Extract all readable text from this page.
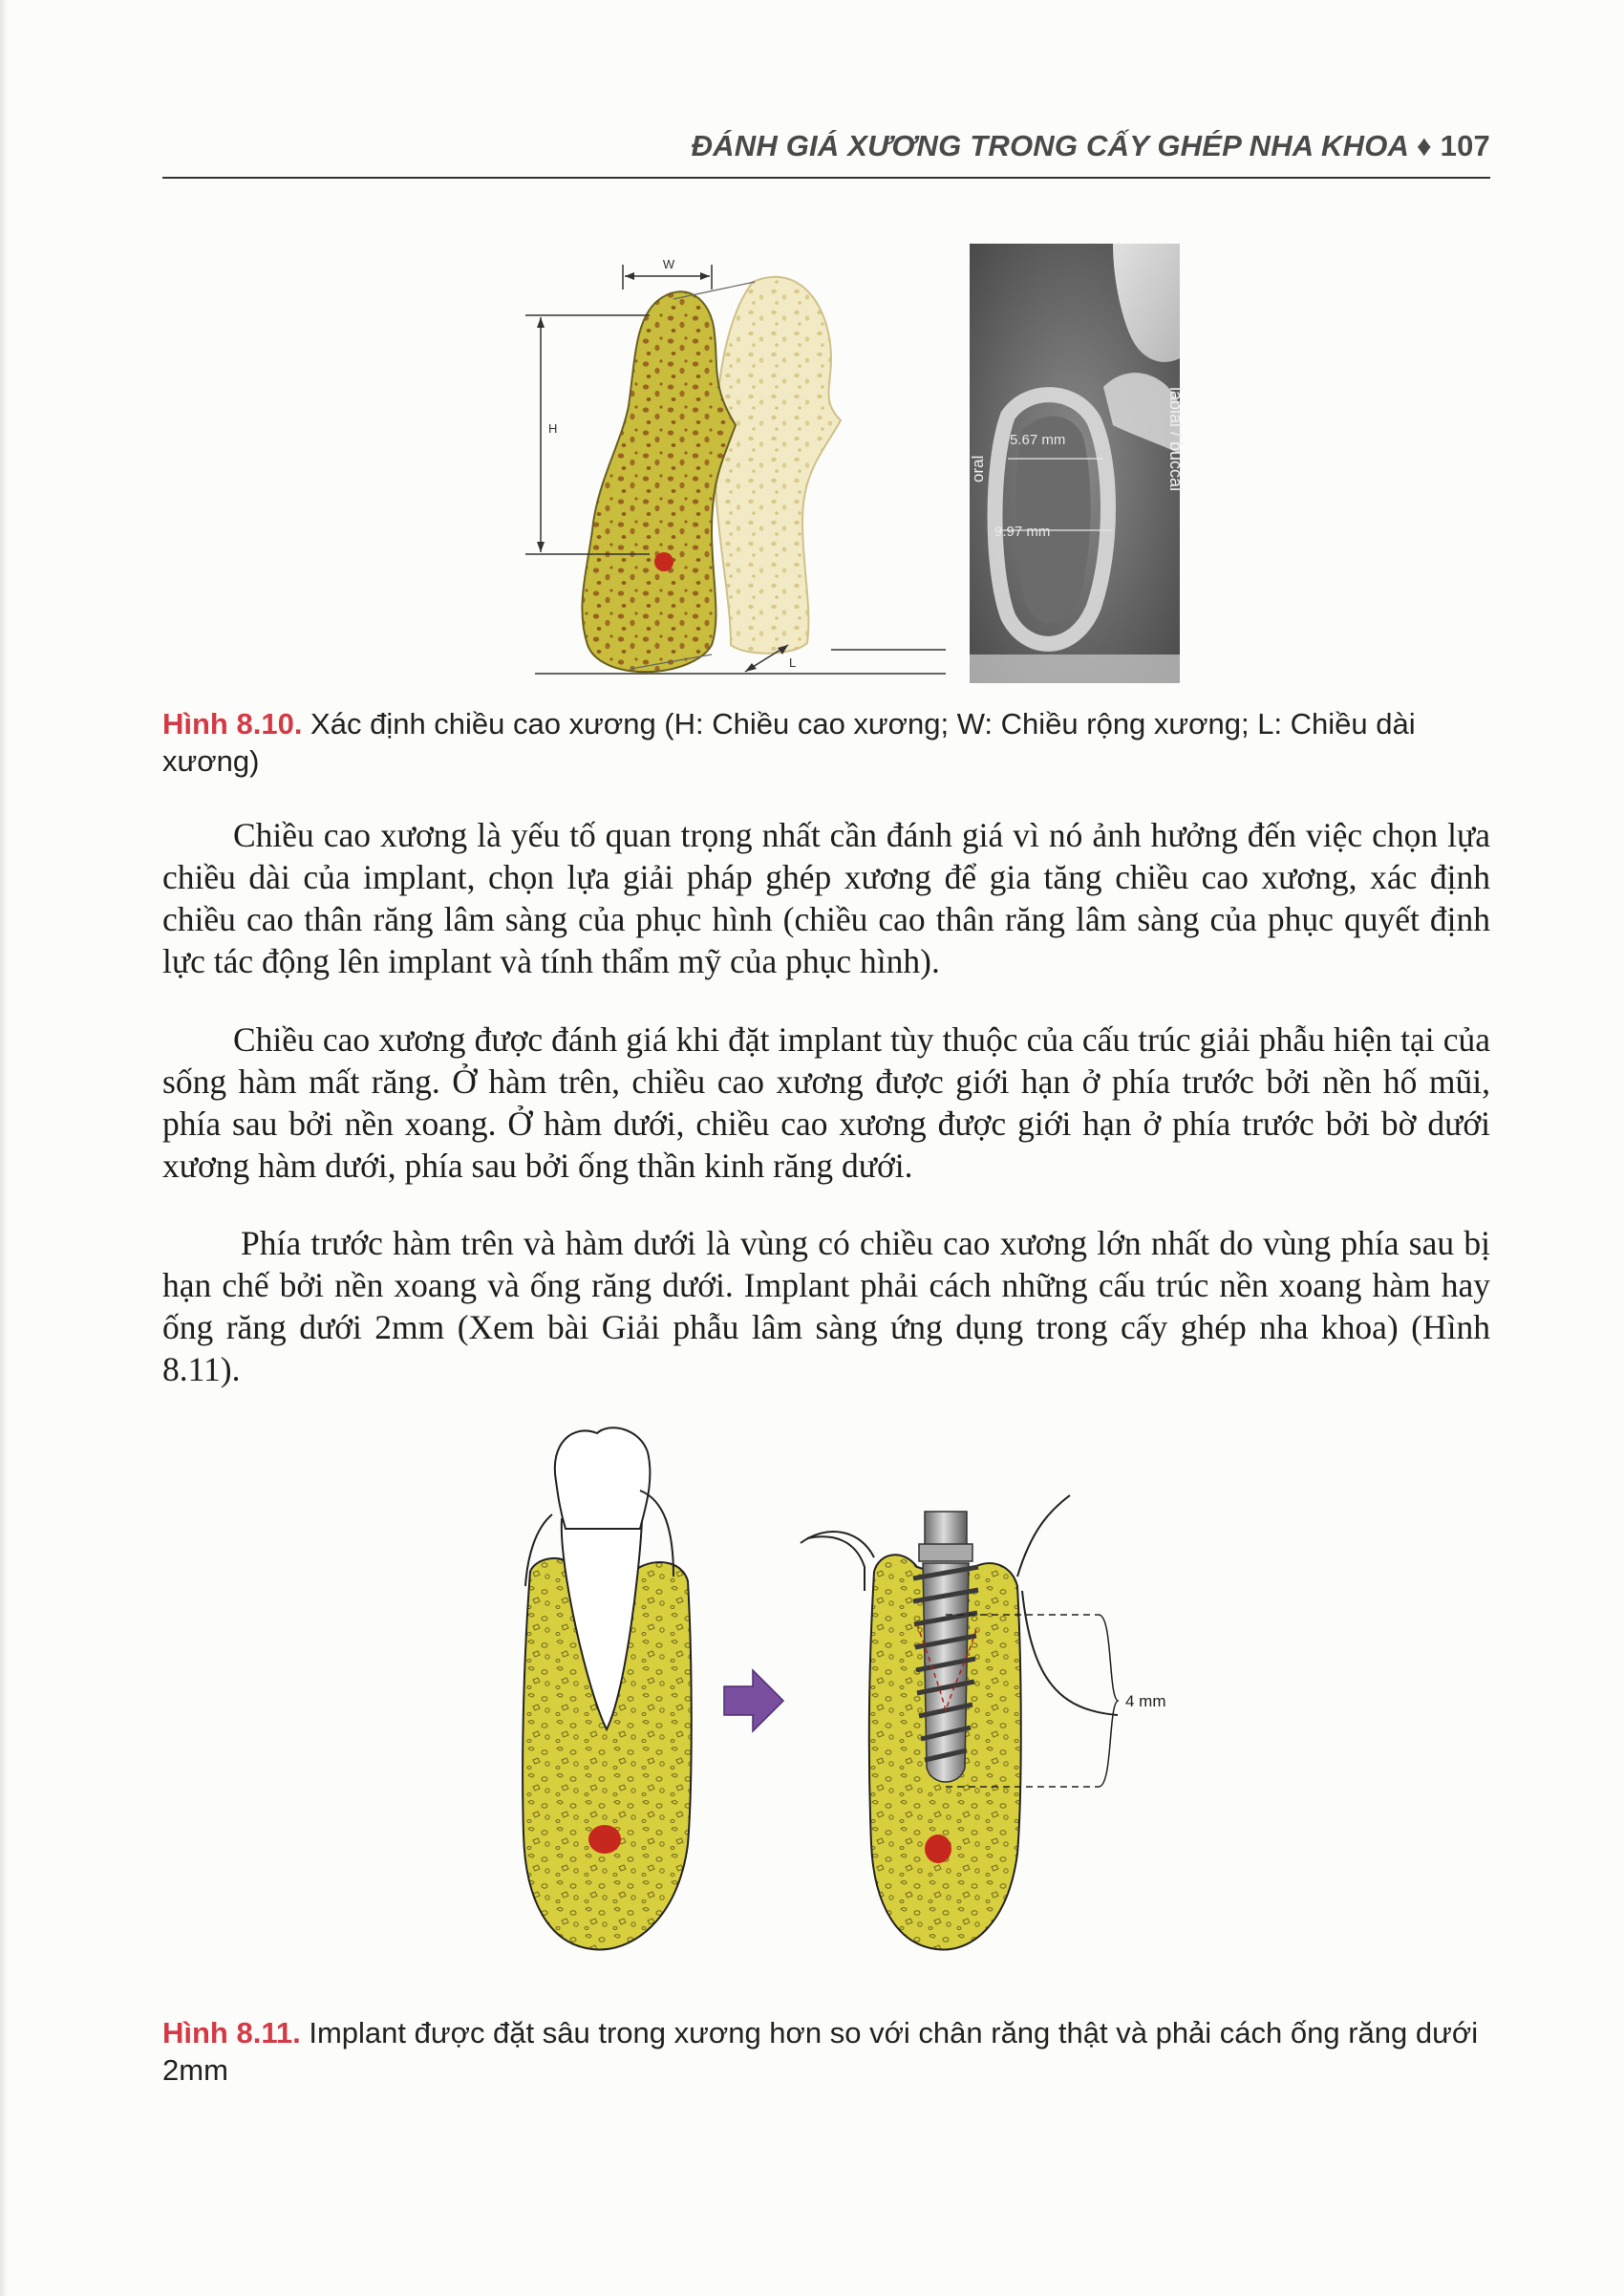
ĐÁNH GIÁ XƯƠNG TRONG CẤY GHÉP NHA KHOA ♦ 107
W
H
L
5.67 mm
9.97 mm
oral	labial / buccal
Hình 8.10. Xác định chiều cao xương (H: Chiều cao xương; W: Chiều rộng xương; L: Chiều dài xương)

Chiều cao xương là yếu tố quan trọng nhất cần đánh giá vì nó ảnh hưởng đến việc chọn lựa chiều dài của implant, chọn lựa giải pháp ghép xương để gia tăng chiều cao xương, xác định chiều cao thân răng lâm sàng của phục hình (chiều cao thân răng lâm sàng của phục quyết định lực tác động lên implant và tính thẩm mỹ của phục hình).

Chiều cao xương được đánh giá khi đặt implant tùy thuộc của cấu trúc giải phẫu hiện tại của sống hàm mất răng. Ở hàm trên, chiều cao xương được giới hạn ở phía trước bởi nền hố mũi, phía sau bởi nền xoang. Ở hàm dưới, chiều cao xương được giới hạn ở phía trước bởi bờ dưới xương hàm dưới, phía sau bởi ống thần kinh răng dưới.

Phía trước hàm trên và hàm dưới là vùng có chiều cao xương lớn nhất do vùng phía sau bị hạn chế bởi nền xoang và ống răng dưới. Implant phải cách những cấu trúc nền xoang hàm hay ống răng dưới 2mm (Xem bài Giải phẫu lâm sàng ứng dụng trong cấy ghép nha khoa) (Hình 8.11).

4 mm
Hình 8.11. Implant được đặt sâu trong xương hơn so với chân răng thật và phải cách ống răng dưới 2mm
